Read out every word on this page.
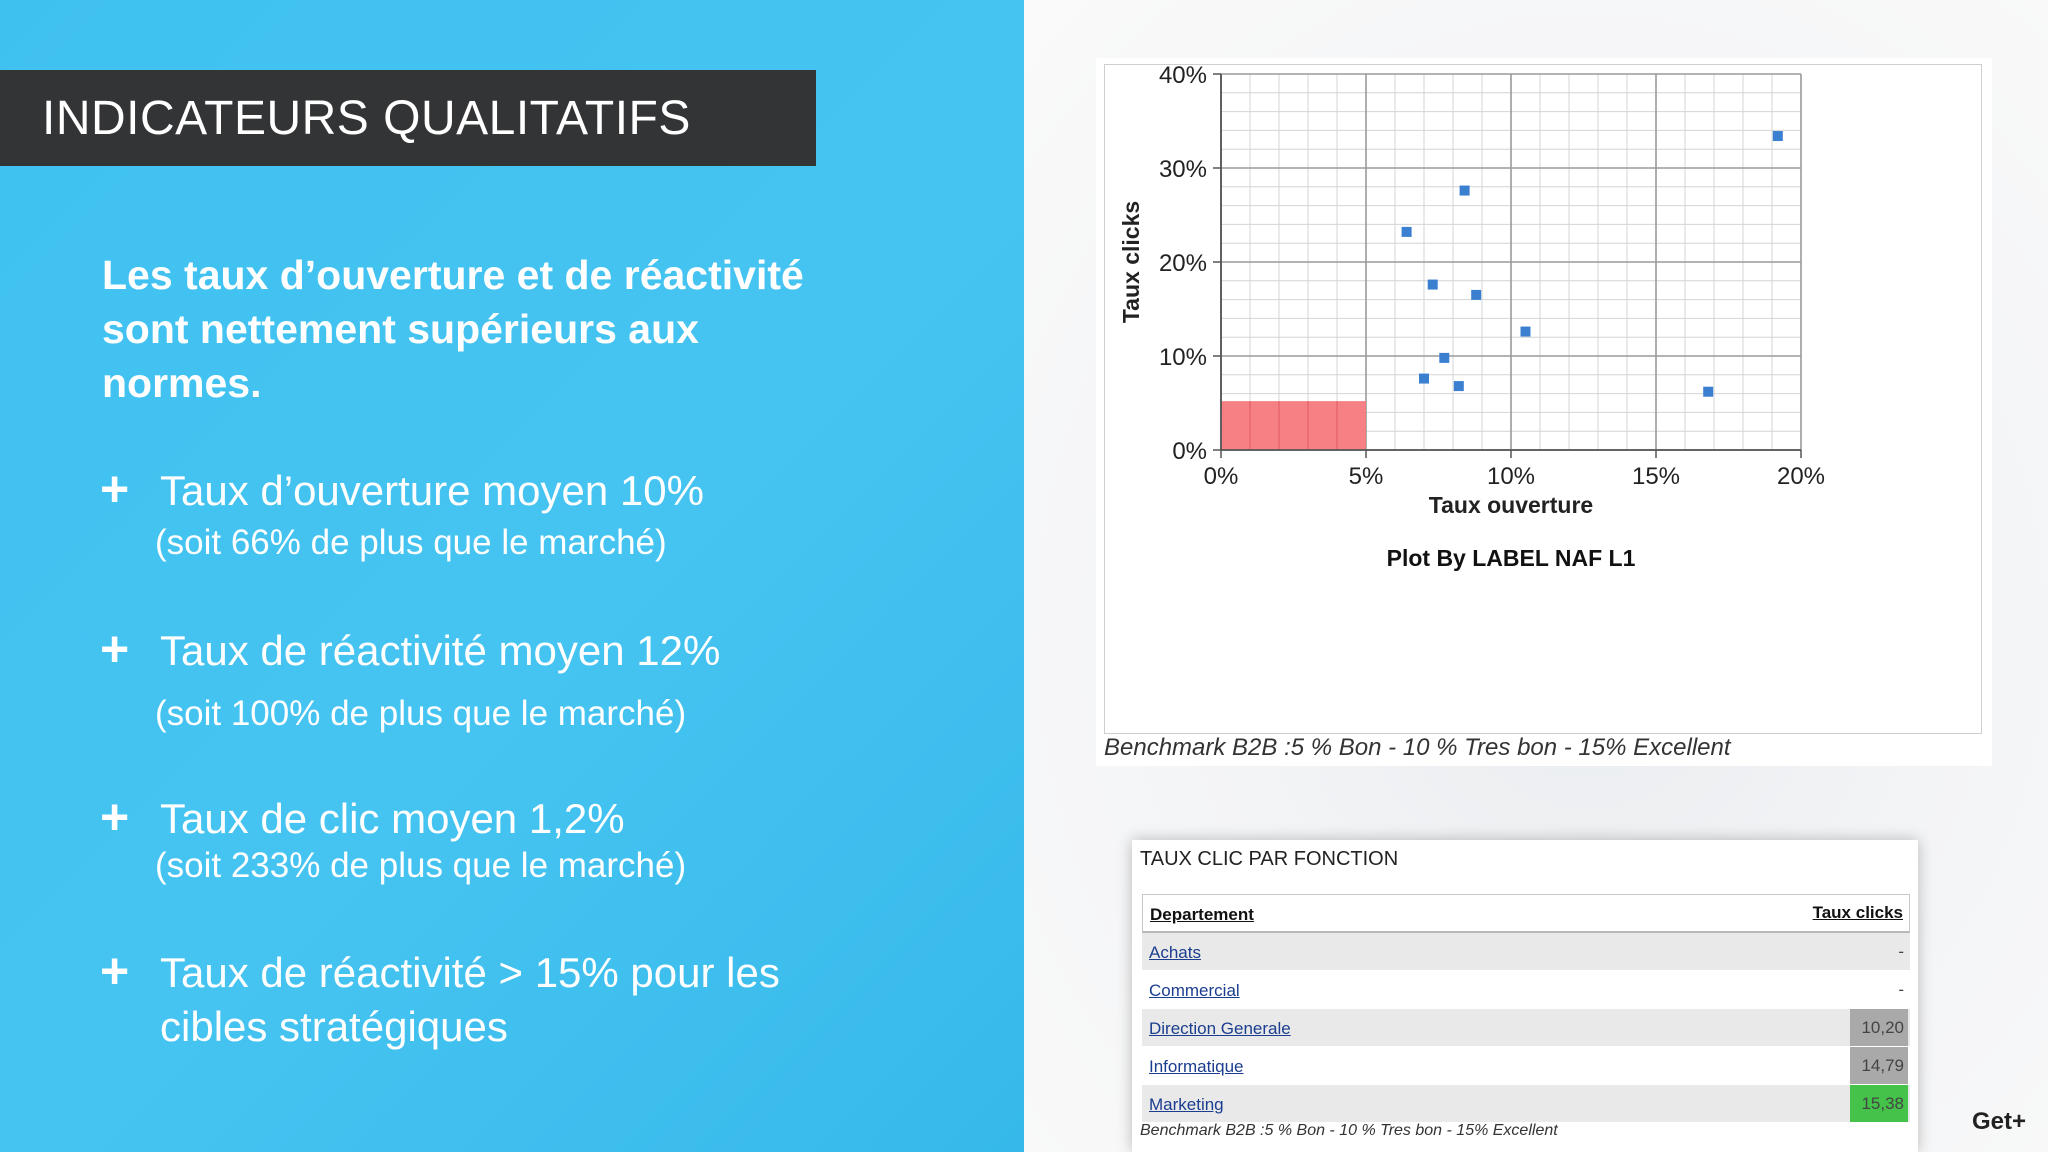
INDICATEURS QUALITATIFS
Les taux d’ouverture et de réactivité
sont nettement supérieurs aux
normes.
+ Taux d’ouverture moyen 10%
(soit 66% de plus que le marché)
+ Taux de réactivité moyen 12%
(soit 100% de plus que le marché)
+ Taux de clic moyen 1,2%
(soit 233% de plus que le marché)
+ Taux de réactivité > 15% pour les
cibles stratégiques
0%
10%
20%
30%
40%
0%	5%	10%	15%	20%
Taux ouverture
Taux clicks
Plot By LABEL NAF L1
Benchmark B2B :5 % Bon - 10 % Tres bon - 15% Excellent
TAUX CLIC PAR FONCTION
Departement	Taux clicks
Achats	-
Commercial	-
Direction Generale	10,20
Informatique	14,79
Marketing	15,38
Benchmark B2B :5 % Bon - 10 % Tres bon - 15% Excellent	Get+
